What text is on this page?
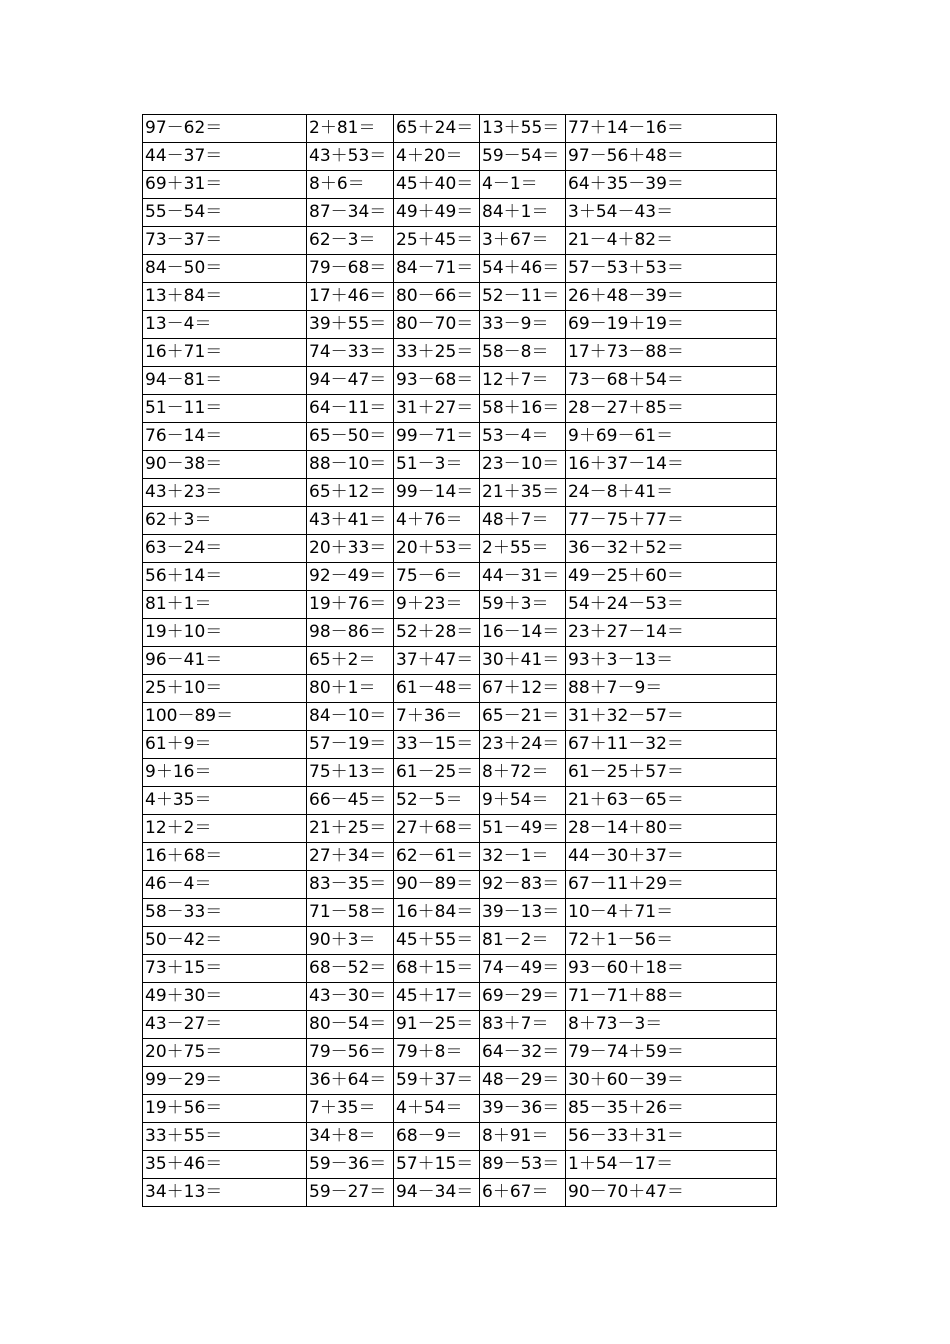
97－62＝	2＋81＝	65＋24＝	13＋55＝	77＋14－16＝
44－37＝	43＋53＝	4＋20＝	59－54＝	97－56＋48＝
69＋31＝	8＋6＝	45＋40＝	4－1＝	64＋35－39＝
55－54＝	87－34＝	49＋49＝	84＋1＝	3＋54－43＝
73－37＝	62－3＝	25＋45＝	3＋67＝	21－4＋82＝
84－50＝	79－68＝	84－71＝	54＋46＝	57－53＋53＝
13＋84＝	17＋46＝	80－66＝	52－11＝	26＋48－39＝
13－4＝	39＋55＝	80－70＝	33－9＝	69－19＋19＝
16＋71＝	74－33＝	33＋25＝	58－8＝	17＋73－88＝
94－81＝	94－47＝	93－68＝	12＋7＝	73－68＋54＝
51－11＝	64－11＝	31＋27＝	58＋16＝	28－27＋85＝
76－14＝	65－50＝	99－71＝	53－4＝	9＋69－61＝
90－38＝	88－10＝	51－3＝	23－10＝	16＋37－14＝
43＋23＝	65＋12＝	99－14＝	21＋35＝	24－8＋41＝
62＋3＝	43＋41＝	4＋76＝	48＋7＝	77－75＋77＝
63－24＝	20＋33＝	20＋53＝	2＋55＝	36－32＋52＝
56＋14＝	92－49＝	75－6＝	44－31＝	49－25＋60＝
81＋1＝	19＋76＝	9＋23＝	59＋3＝	54＋24－53＝
19＋10＝	98－86＝	52＋28＝	16－14＝	23＋27－14＝
96－41＝	65＋2＝	37＋47＝	30＋41＝	93＋3－13＝
25＋10＝	80＋1＝	61－48＝	67＋12＝	88＋7－9＝
100－89＝	84－10＝	7＋36＝	65－21＝	31＋32－57＝
61＋9＝	57－19＝	33－15＝	23＋24＝	67＋11－32＝
9＋16＝	75＋13＝	61－25＝	8＋72＝	61－25＋57＝
4＋35＝	66－45＝	52－5＝	9＋54＝	21＋63－65＝
12＋2＝	21＋25＝	27＋68＝	51－49＝	28－14＋80＝
16＋68＝	27＋34＝	62－61＝	32－1＝	44－30＋37＝
46－4＝	83－35＝	90－89＝	92－83＝	67－11＋29＝
58－33＝	71－58＝	16＋84＝	39－13＝	10－4＋71＝
50－42＝	90＋3＝	45＋55＝	81－2＝	72＋1－56＝
73＋15＝	68－52＝	68＋15＝	74－49＝	93－60＋18＝
49＋30＝	43－30＝	45＋17＝	69－29＝	71－71＋88＝
43－27＝	80－54＝	91－25＝	83＋7＝	8＋73－3＝
20＋75＝	79－56＝	79＋8＝	64－32＝	79－74＋59＝
99－29＝	36＋64＝	59＋37＝	48－29＝	30＋60－39＝
19＋56＝	7＋35＝	4＋54＝	39－36＝	85－35＋26＝
33＋55＝	34＋8＝	68－9＝	8＋91＝	56－33＋31＝
35＋46＝	59－36＝	57＋15＝	89－53＝	1＋54－17＝
34＋13＝	59－27＝	94－34＝	6＋67＝	90－70＋47＝
